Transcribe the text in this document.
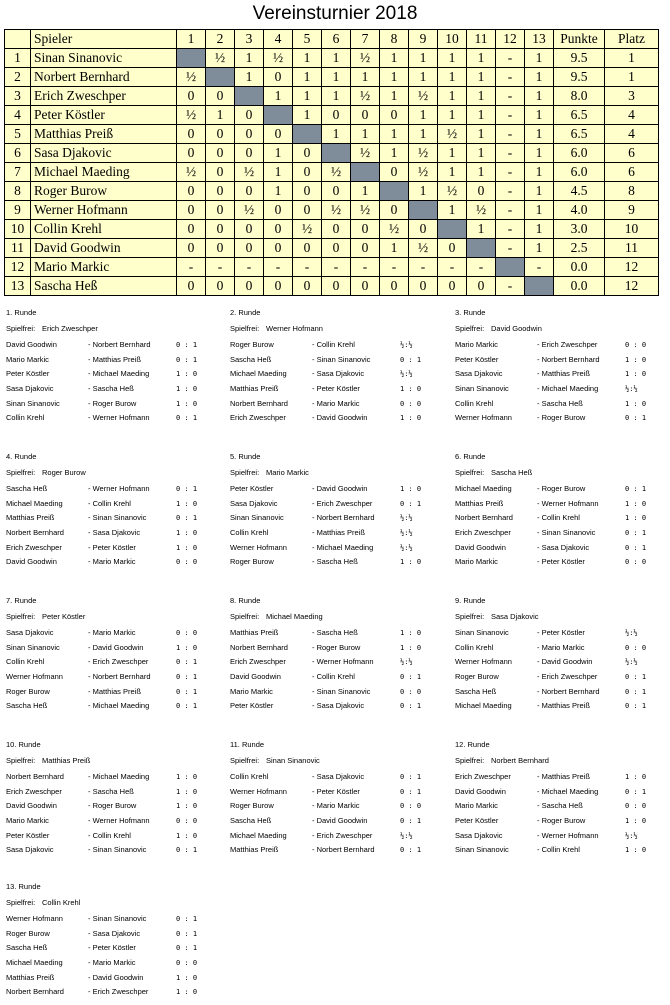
Vereinsturnier 2018
	Spieler	1	2	3	4	5	6	7	8	9	10	11	12	13	Punkte	Platz
1	Sinan Sinanovic		½	1	½	1	1	½	1	1	1	1	-	1	9.5	1
2	Norbert Bernhard	½		1	0	1	1	1	1	1	1	1	-	1	9.5	1
3	Erich Zweschper	0	0		1	1	1	½	1	½	1	1	-	1	8.0	3
4	Peter Köstler	½	1	0		1	0	0	0	1	1	1	-	1	6.5	4
5	Matthias Preiß	0	0	0	0		1	1	1	1	½	1	-	1	6.5	4
6	Sasa Djakovic	0	0	0	1	0		½	1	½	1	1	-	1	6.0	6
7	Michael Maeding	½	0	½	1	0	½		0	½	1	1	-	1	6.0	6
8	Roger Burow	0	0	0	1	0	0	1		1	½	0	-	1	4.5	8
9	Werner Hofmann	0	0	½	0	0	½	½	0		1	½	-	1	4.0	9
10	Collin Krehl	0	0	0	0	½	0	0	½	0		1	-	1	3.0	10
11	David Goodwin	0	0	0	0	0	0	0	1	½	0		-	1	2.5	11
12	Mario Markic	-	-	-	-	-	-	-	-	-	-	-		-	0.0	12
13	Sascha Heß	0	0	0	0	0	0	0	0	0	0	0	-		0.0	12
1. Runde
Spielfrei: Erich Zweschper
David Goodwin	- Norbert Bernhard	0 : 1
Mario Markic	- Matthias Preiß	0 : 1
Peter Köstler	- Michael Maeding	1 : 0
Sasa Djakovic	- Sascha Heß	1 : 0
Sinan Sinanovic	- Roger Burow	1 : 0
Collin Krehl	- Werner Hofmann	0 : 1
2. Runde
Spielfrei: Werner Hofmann
Roger Burow	- Collin Krehl	½:½
Sascha Heß	- Sinan Sinanovic	0 : 1
Michael Maeding	- Sasa Djakovic	½:½
Matthias Preiß	- Peter Köstler	1 : 0
Norbert Bernhard	- Mario Markic	0 : 0
Erich Zweschper	- David Goodwin	1 : 0
3. Runde
Spielfrei: David Goodwin
Mario Markic	- Erich Zweschper	0 : 0
Peter Köstler	- Norbert Bernhard	1 : 0
Sasa Djakovic	- Matthias Preiß	1 : 0
Sinan Sinanovic	- Michael Maeding	½:½
Collin Krehl	- Sascha Heß	1 : 0
Werner Hofmann	- Roger Burow	0 : 1
4. Runde
Spielfrei: Roger Burow
Sascha Heß	- Werner Hofmann	0 : 1
Michael Maeding	- Collin Krehl	1 : 0
Matthias Preiß	- Sinan Sinanovic	0 : 1
Norbert Bernhard	- Sasa Djakovic	1 : 0
Erich Zweschper	- Peter Köstler	1 : 0
David Goodwin	- Mario Markic	0 : 0
5. Runde
Spielfrei: Mario Markic
Peter Köstler	- David Goodwin	1 : 0
Sasa Djakovic	- Erich Zweschper	0 : 1
Sinan Sinanovic	- Norbert Bernhard	½:½
Collin Krehl	- Matthias Preiß	½:½
Werner Hofmann	- Michael Maeding	½:½
Roger Burow	- Sascha Heß	1 : 0
6. Runde
Spielfrei: Sascha Heß
Michael Maeding	- Roger Burow	0 : 1
Matthias Preiß	- Werner Hofmann	1 : 0
Norbert Bernhard	- Collin Krehl	1 : 0
Erich Zweschper	- Sinan Sinanovic	0 : 1
David Goodwin	- Sasa Djakovic	0 : 1
Mario Markic	- Peter Köstler	0 : 0
7. Runde
Spielfrei: Peter Köstler
Sasa Djakovic	- Mario Markic	0 : 0
Sinan Sinanovic	- David Goodwin	1 : 0
Collin Krehl	- Erich Zweschper	0 : 1
Werner Hofmann	- Norbert Bernhard	0 : 1
Roger Burow	- Matthias Preiß	0 : 1
Sascha Heß	- Michael Maeding	0 : 1
8. Runde
Spielfrei: Michael Maeding
Matthias Preiß	- Sascha Heß	1 : 0
Norbert Bernhard	- Roger Burow	1 : 0
Erich Zweschper	- Werner Hofmann	½:½
David Goodwin	- Collin Krehl	0 : 1
Mario Markic	- Sinan Sinanovic	0 : 0
Peter Köstler	- Sasa Djakovic	0 : 1
9. Runde
Spielfrei: Sasa Djakovic
Sinan Sinanovic	- Peter Köstler	½:½
Collin Krehl	- Mario Markic	0 : 0
Werner Hofmann	- David Goodwin	½:½
Roger Burow	- Erich Zweschper	0 : 1
Sascha Heß	- Norbert Bernhard	0 : 1
Michael Maeding	- Matthias Preiß	0 : 1
10. Runde
Spielfrei: Matthias Preiß
Norbert Bernhard	- Michael Maeding	1 : 0
Erich Zweschper	- Sascha Heß	1 : 0
David Goodwin	- Roger Burow	1 : 0
Mario Markic	- Werner Hofmann	0 : 0
Peter Köstler	- Collin Krehl	1 : 0
Sasa Djakovic	- Sinan Sinanovic	0 : 1
11. Runde
Spielfrei: Sinan Sinanovic
Collin Krehl	- Sasa Djakovic	0 : 1
Werner Hofmann	- Peter Köstler	0 : 1
Roger Burow	- Mario Markic	0 : 0
Sascha Heß	- David Goodwin	0 : 1
Michael Maeding	- Erich Zweschper	½:½
Matthias Preiß	- Norbert Bernhard	0 : 1
12. Runde
Spielfrei: Norbert Bernhard
Erich Zweschper	- Matthias Preiß	1 : 0
David Goodwin	- Michael Maeding	0 : 1
Mario Markic	- Sascha Heß	0 : 0
Peter Köstler	- Roger Burow	1 : 0
Sasa Djakovic	- Werner Hofmann	½:½
Sinan Sinanovic	- Collin Krehl	1 : 0
13. Runde
Spielfrei: Collin Krehl
Werner Hofmann	- Sinan Sinanovic	0 : 1
Roger Burow	- Sasa Djakovic	0 : 1
Sascha Heß	- Peter Köstler	0 : 1
Michael Maeding	- Mario Markic	0 : 0
Matthias Preiß	- David Goodwin	1 : 0
Norbert Bernhard	- Erich Zweschper	1 : 0
